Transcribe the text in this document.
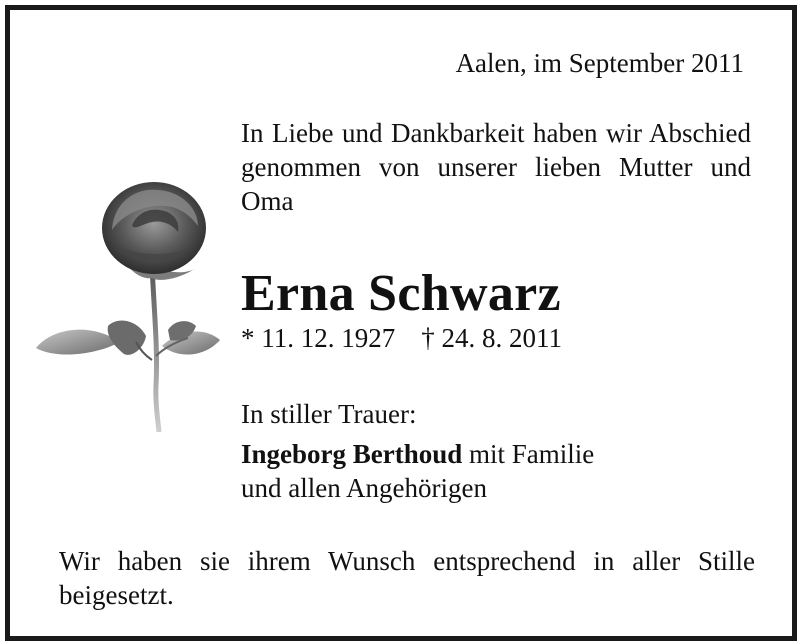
Aalen, im September 2011
In Liebe und Dankbarkeit haben wir Abschied genommen von unserer lieben Mutter und Oma
Erna Schwarz
* 11. 12. 1927 † 24. 8. 2011
In stiller Trauer:
Ingeborg Berthoud mit Familie
und allen Angehörigen
Wir haben sie ihrem Wunsch entsprechend in aller Stille beigesetzt.
